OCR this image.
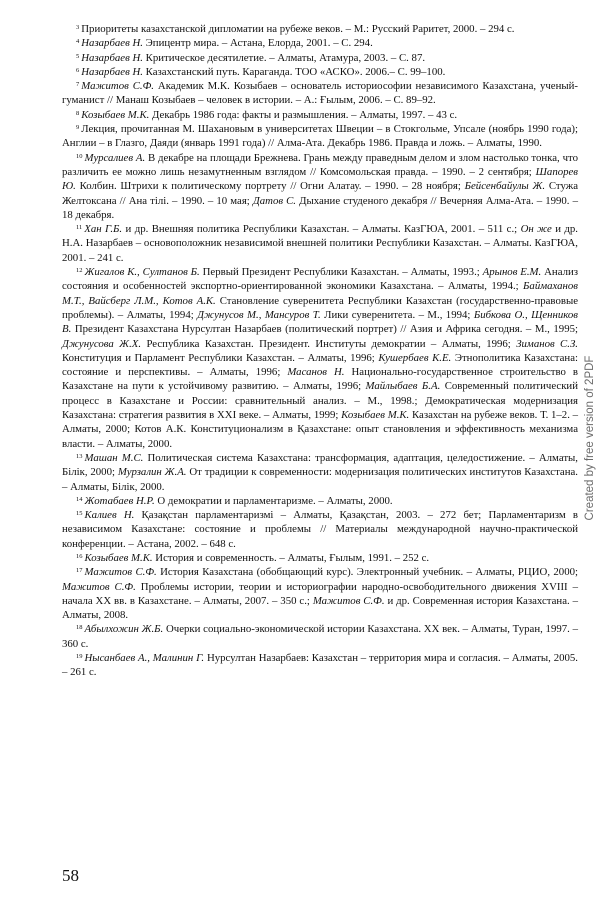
$^3$ Приоритеты казахстанской дипломатии на рубеже веков. – М.: Русский Раритет, 2000. – 294 с.

$^4$ Назарбаев Н. Эпицентр мира. – Астана, Елорда, 2001. – С. 294.

$^5$ Назарбаев Н. Критическое десятилетие. – Алматы, Атамура, 2003. – С. 87.

$^6$ Назарбаев Н. Казахстанский путь. Караганда. ТОО «АСКО». 2006.– С. 99–100.

$^7$ Мажитов С.Ф. Академик М.К. Козыбаев – основатель историософии независимого Казахстана, ученый-гуманист // Манаш Козыбаев – человек в истории. – А.: Ғылым, 2006. – С. 89–92.

$^8$ Козыбаев М.К. Декабрь 1986 года: факты и размышления. – Алматы, 1997. – 43 с.

$^9$ Лекция, прочитанная М. Шахановым в университетах Швеции – в Стокгольме, Упсале (ноябрь 1990 года); Англии – в Глазго, Даяди (январь 1991 года) // Алма-Ата. Декабрь 1986. Правда и ложь. – Алматы, 1990.

$^{10}$ Мурсалиев А. В декабре на площади Брежнева. Грань между праведным делом и злом настолько тонка, что различить ее можно лишь незамутненным взглядом // Комсомольская правда. – 1990. – 2 сентября; Шапорев Ю. Колбин. Штрихи к политическому портрету // Огни Алатау. – 1990. – 28 ноября; Бейсенбайулы Ж. Стужа Желтоксана // Ана тілі. – 1990. – 10 мая; Датов С. Дыхание студеного декабря // Вечерняя Алма-Ата. – 1990. – 18 декабря.

$^{11}$ Хан Г.Б. и др. Внешняя политика Республики Казахстан. – Алматы. КазГЮА, 2001. – 511 с.; Он же и др. Н.А. Назарбаев – основоположник независимой внешней политики Республики Казахстан. – Алматы. КазГЮА, 2001. – 241 с.

$^{12}$ Жигалов К., Султанов Б. Первый Президент Республики Казахстан. – Алматы, 1993.; Арынов Е.М. Анализ состояния и особенностей экспортно-ориентированной экономики Казахстана. – Алматы, 1994.; Баймаханов М.Т., Вайсберг Л.М., Котов А.К. Становление суверенитета Республики Казахстан (государственно-правовые проблемы). – Алматы, 1994; Джунусов М., Мансуров Т. Лики суверенитета. – М., 1994; Бибкова О., Щенников В. Президент Казахстана Нурсултан Назарбаев (политический портрет) // Азия и Африка сегодня. – М., 1995; Джунусова Ж.Х. Республика Казахстан. Президент. Институты демократии – Алматы, 1996; Зиманов С.З. Конституция и Парламент Республики Казахстан. – Алматы, 1996; Кушербаев К.Е. Этнополитика Казахстана: состояние и перспективы. – Алматы, 1996; Масанов Н. Национально-государственное строительство в Казахстане на пути к устойчивому развитию. – Алматы, 1996; Майлыбаев Б.А. Современный политический процесс в Казахстане и России: сравнительный анализ. – М., 1998.; Демократическая модернизация Казахстана: стратегия развития в XXI веке. – Алматы, 1999; Козыбаев М.К. Казахстан на рубеже веков. Т. 1–2. – Алматы, 2000; Котов А.К. Конституционализм в Қазахстане: опыт становления и эффективность механизма власти. – Алматы, 2000.

$^{13}$ Машан М.С. Политическая система Казахстана: трансформация, адаптация, целедостижение. – Алматы, Білік, 2000; Мурзалин Ж.А. От традиции к современности: модернизация политических институтов Казахстана. – Алматы, Білік, 2000.

$^{14}$ Жотабаев Н.Р. О демократии и парламентаризме. – Алматы, 2000.

$^{15}$ Калиев Н. Қазақстан парламентаризмі – Алматы, Қазақстан, 2003. – 272 бет; Парламентаризм в независимом Казахстане: состояние и проблемы // Материалы международной научно-практической конференции. – Астана, 2002. – 648 с.

$^{16}$ Козыбаев М.К. История и современность. – Алматы, Ғылым, 1991. – 252 с.

$^{17}$ Мажитов С.Ф. История Казахстана (обобщающий курс). Электронный учебник. – Алматы, РЦИО, 2000; Мажитов С.Ф. Проблемы истории, теории и историографии народно-освободительного движения XVIII – начала XX вв. в Казахстане. – Алматы, 2007. – 350 с.; Мажитов С.Ф. и др. Современная история Казахстана. – Алматы, 2008.

$^{18}$ Абылхожин Ж.Б. Очерки социально-экономической истории Казахстана. XX век. – Алматы, Туран, 1997. – 360 с.

$^{19}$ Нысанбаев А., Малинин Г. Нурсултан Назарбаев: Казахстан – территория мира и согласия. – Алматы, 2005. – 261 с.

58
Created by free version of 2PDF
